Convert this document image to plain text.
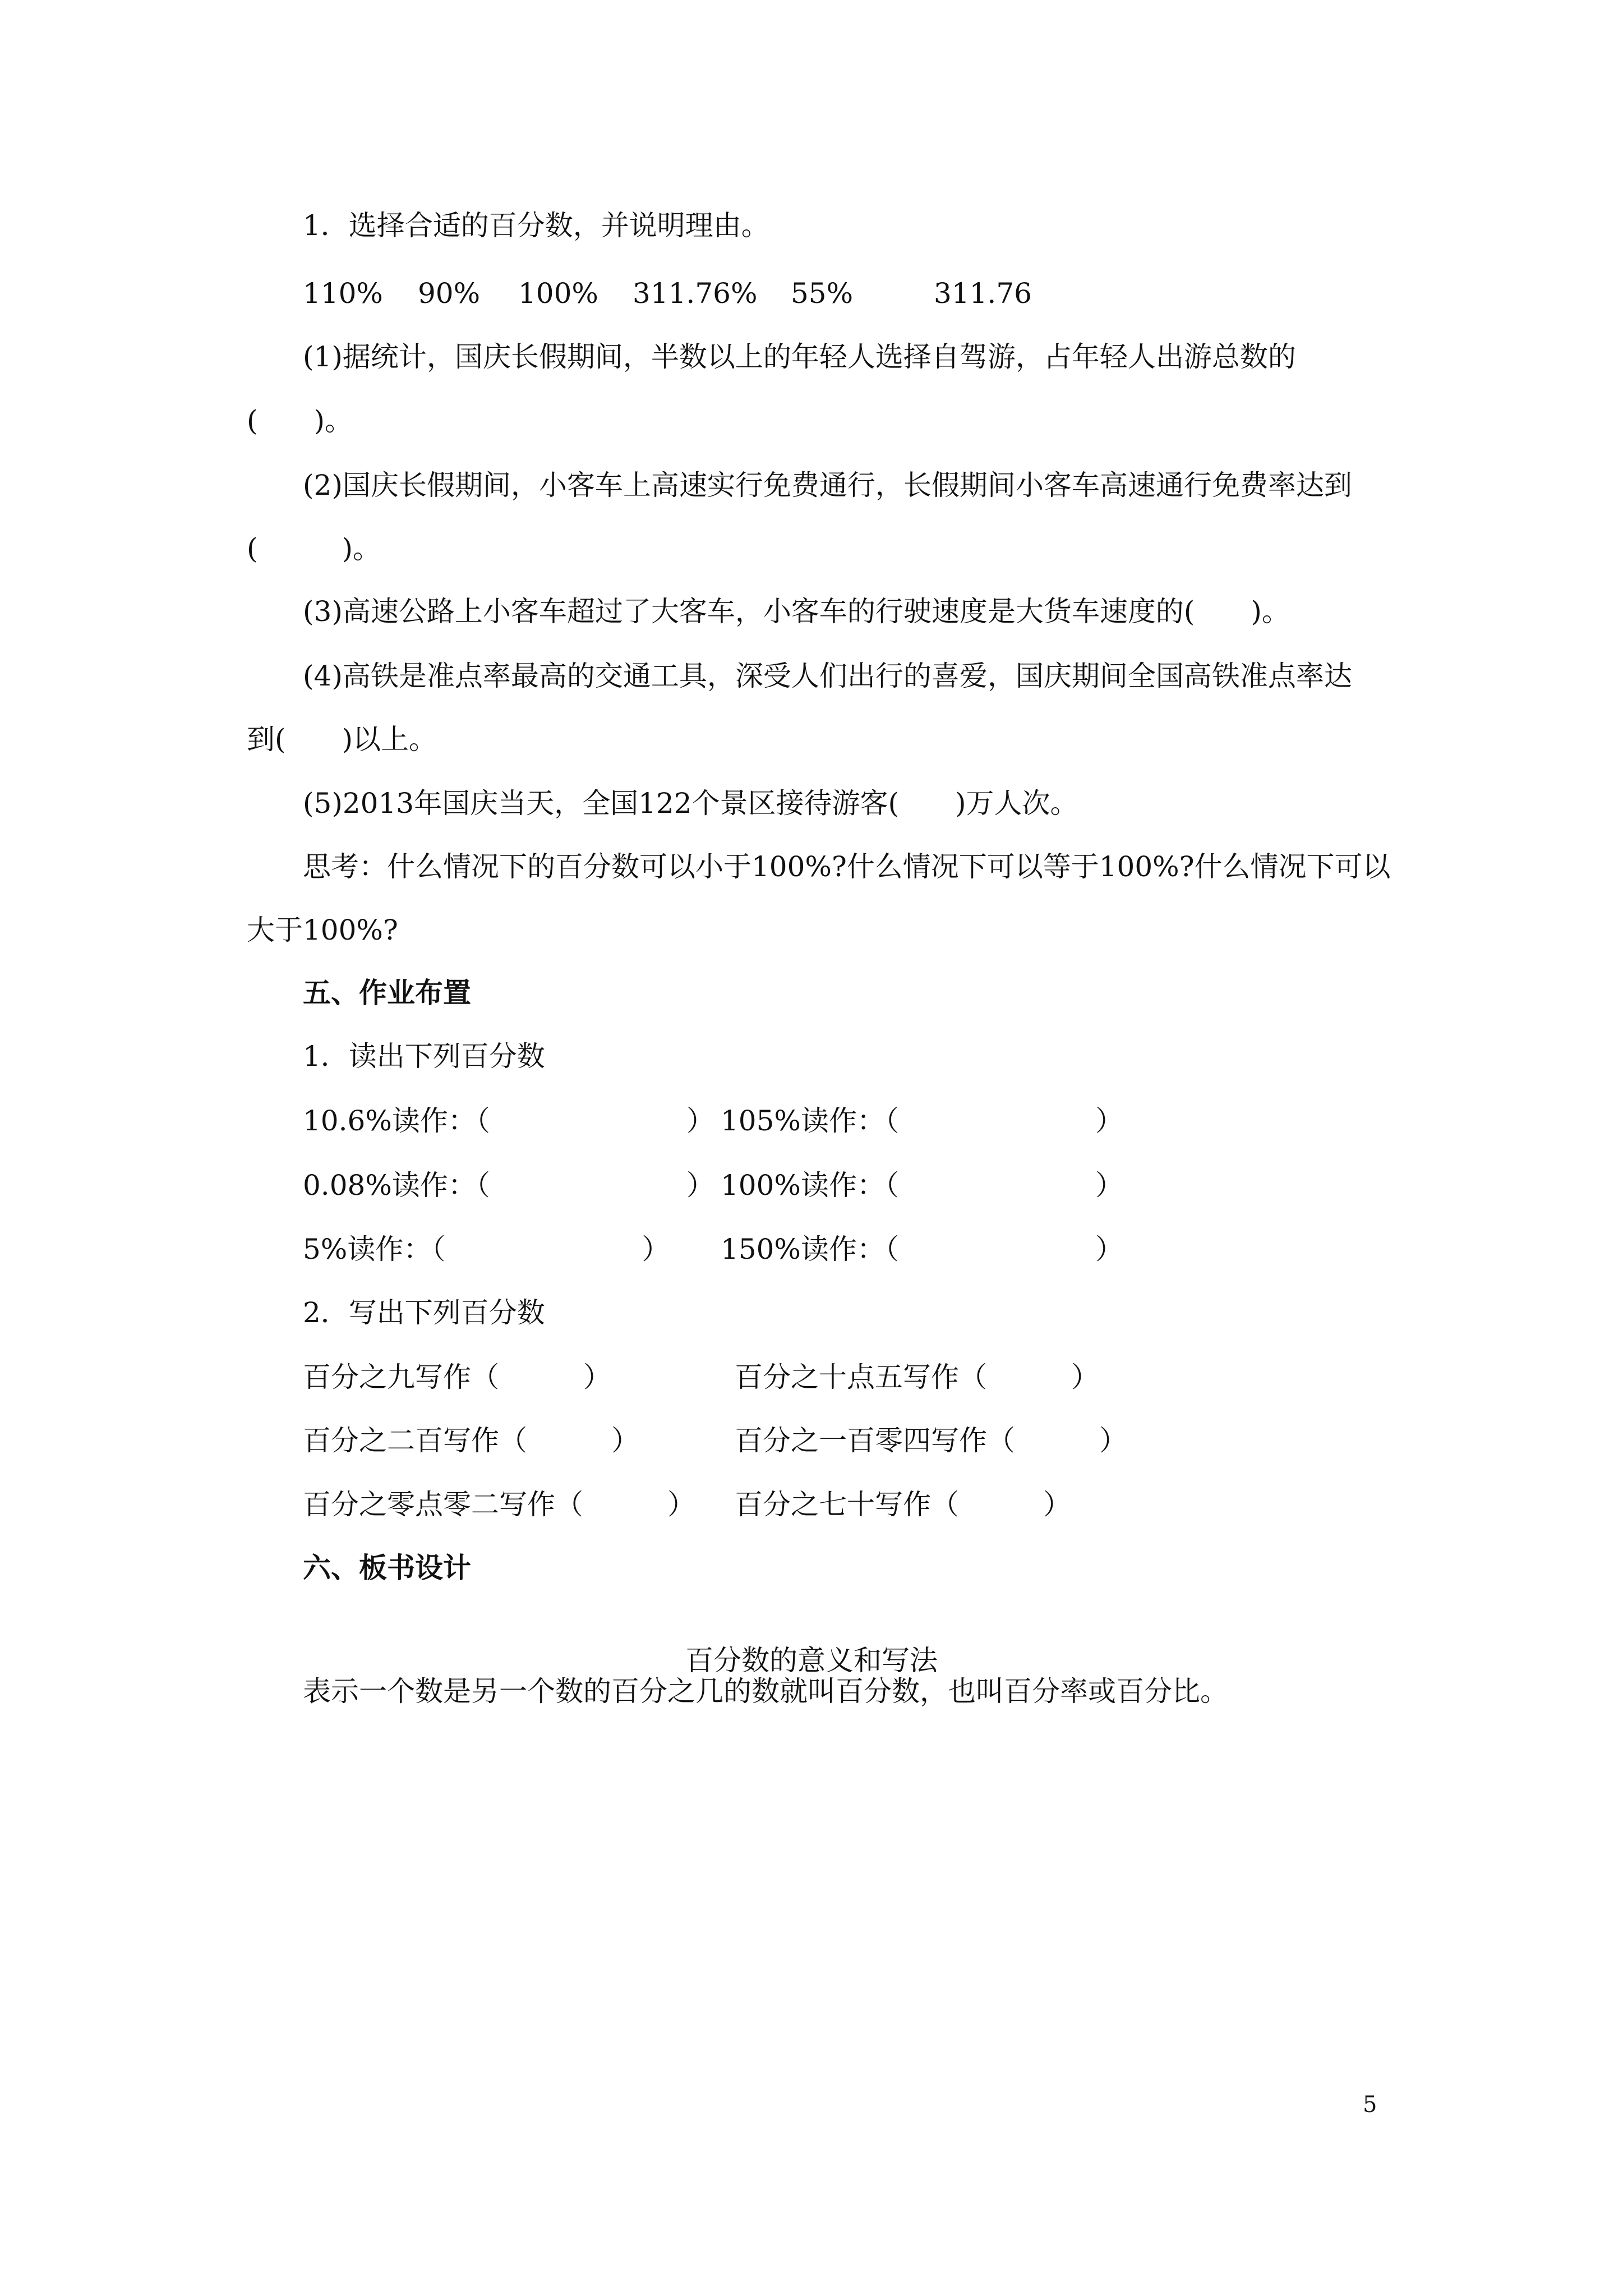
1．选择合适的百分数，并说明理由。

110% 90% 100% 311.76% 55%	311.76

(1)据统计，国庆长假期间，半数以上的年轻人选择自驾游，占年轻人出游总数的

(　　)。

(2)国庆长假期间，小客车上高速实行免费通行，长假期间小客车高速通行免费率达到

(　　　)。

(3)高速公路上小客车超过了大客车，小客车的行驶速度是大货车速度的(　　)。

(4)高铁是准点率最高的交通工具，深受人们出行的喜爱，国庆期间全国高铁准点率达

到(　　)以上。

(5)2013年国庆当天，全国122个景区接待游客(　　)万人次。

思考：什么情况下的百分数可以小于100%?什么情况下可以等于100%?什么情况下可以

大于100%?

五、作业布置

1．读出下列百分数

10.6%读作：（　　　　　　　） 105%读作：（　　　　　　　）
0.08%读作：（　　　　　　　） 100%读作：（　　　　　　　）
5%读作：（　　　　　　　） 150%读作：（　　　　　　　）

2．写出下列百分数

百分之九写作（　　　）	百分之十点五写作（　　　）
百分之二百写作（　　　）	百分之一百零四写作（　　　）
百分之零点零二写作（　　　） 百分之七十写作（　　　）

六、板书设计

百分数的意义和写法

表示一个数是另一个数的百分之几的数就叫百分数，也叫百分率或百分比。

5
